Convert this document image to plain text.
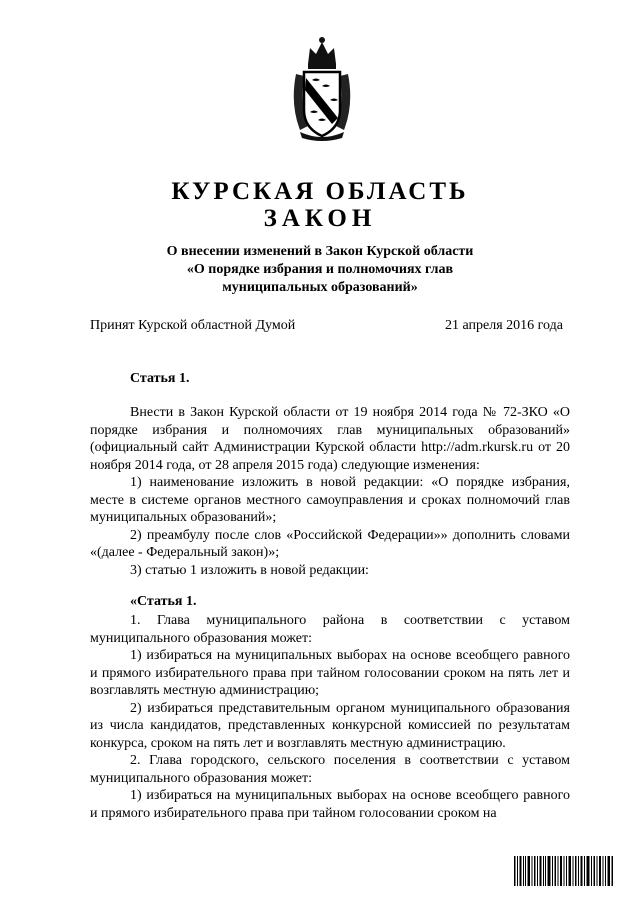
КУРСКАЯ ОБЛАСТЬ
ЗАКОН
О внесении изменений в Закон Курской области
«О порядке избрания и полномочиях глав
муниципальных образований»
Принят Курской областной Думой	21 апреля 2016 года
Статья 1.

Внести в Закон Курской области от 19 ноября 2014 года № 72-ЗКО «О порядке избрания и полномочиях глав муниципальных образований» (официальный сайт Администрации Курской области http://adm.rkursk.ru от 20 ноября 2014 года, от 28 апреля 2015 года) следующие изменения:

1) наименование изложить в новой редакции: «О порядке избрания, месте в системе органов местного самоуправления и сроках полномочий глав муниципальных образований»;

2) преамбулу после слов «Российской Федерации»» дополнить словами «(далее - Федеральный закон)»;

3) статью 1 изложить в новой редакции:

«Статья 1.

1. Глава муниципального района в соответствии с уставом муниципального образования может:

1) избираться на муниципальных выборах на основе всеобщего равного и прямого избирательного права при тайном голосовании сроком на пять лет и возглавлять местную администрацию;

2) избираться представительным органом муниципального образования из числа кандидатов, представленных конкурсной комиссией по результатам конкурса, сроком на пять лет и возглавлять местную администрацию.

2. Глава городского, сельского поселения в соответствии с уставом муниципального образования может:

1) избираться на муниципальных выборах на основе всеобщего равного и прямого избирательного права при тайном голосовании сроком на
